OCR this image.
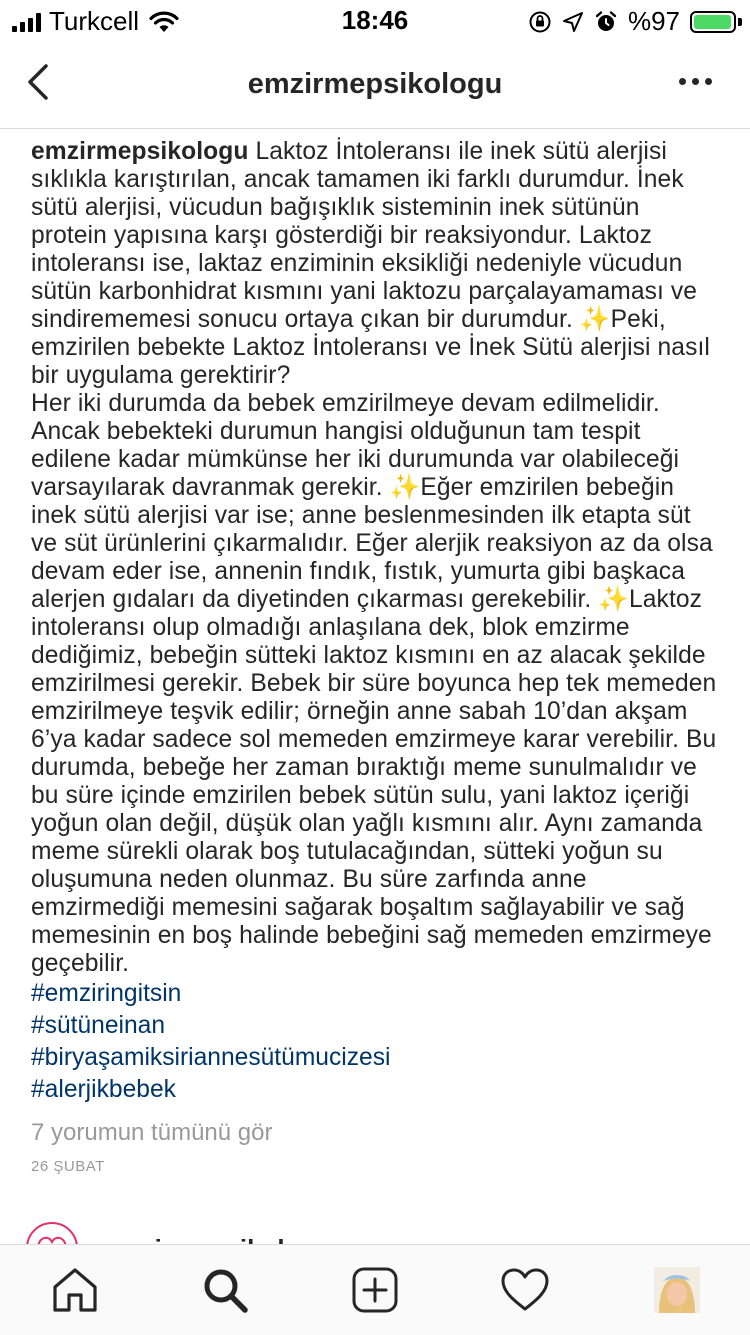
Turkcell	18:46	%97
emzirmepsikologu

emzirmepsikologu Laktoz İntoleransı ile inek sütü alerjisi sıklıkla karıştırılan, ancak tamamen iki farklı durumdur. İnek sütü alerjisi, vücudun bağışıklık sisteminin inek sütünün protein yapısına karşı gösterdiği bir reaksiyondur. Laktoz intoleransı ise, laktaz enziminin eksikliği nedeniyle vücudun sütün karbonhidrat kısmını yani laktozu parçalayamaması ve sindirememesi sonucu ortaya çıkan bir durumdur. ✨Peki, emzirilen bebekte Laktoz İntoleransı ve İnek Sütü alerjisi nasıl bir uygulama gerektirir?

Her iki durumda da bebek emzirilmeye devam edilmelidir. Ancak bebekteki durumun hangisi olduğunun tam tespit edilene kadar mümkünse her iki durumunda var olabileceği varsayılarak davranmak gerekir. ✨Eğer emzirilen bebeğin inek sütü alerjisi var ise; anne beslenmesinden ilk etapta süt ve süt ürünlerini çıkarmalıdır. Eğer alerjik reaksiyon az da olsa devam eder ise, annenin fındık, fıstık, yumurta gibi başkaca alerjen gıdaları da diyetinden çıkarması gerekebilir. ✨Laktoz intoleransı olup olmadığı anlaşılana dek, blok emzirme dediğimiz, bebeğin sütteki laktoz kısmını en az alacak şekilde emzirilmesi gerekir. Bebek bir süre boyunca hep tek memeden emzirilmeye teşvik edilir; örneğin anne sabah 10’dan akşam 6’ya kadar sadece sol memeden emzirmeye karar verebilir. Bu durumda, bebeğe her zaman bıraktığı meme sunulmalıdır ve bu süre içinde emzirilen bebek sütün sulu, yani laktoz içeriği yoğun olan değil, düşük olan yağlı kısmını alır. Aynı zamanda meme sürekli olarak boş tutulacağından, sütteki yoğun su oluşumuna neden olunmaz. Bu süre zarfında anne emzirmediği memesini sağarak boşaltım sağlayabilir ve sağ memesinin en boş halinde bebeğini sağ memeden emzirmeye geçebilir.

#emziringitsin
#sütüneinan
#biryaşamiksiriannesütümucizesi
#alerjikbebek
7 yorumun tümünü gör
26 ŞUBAT
